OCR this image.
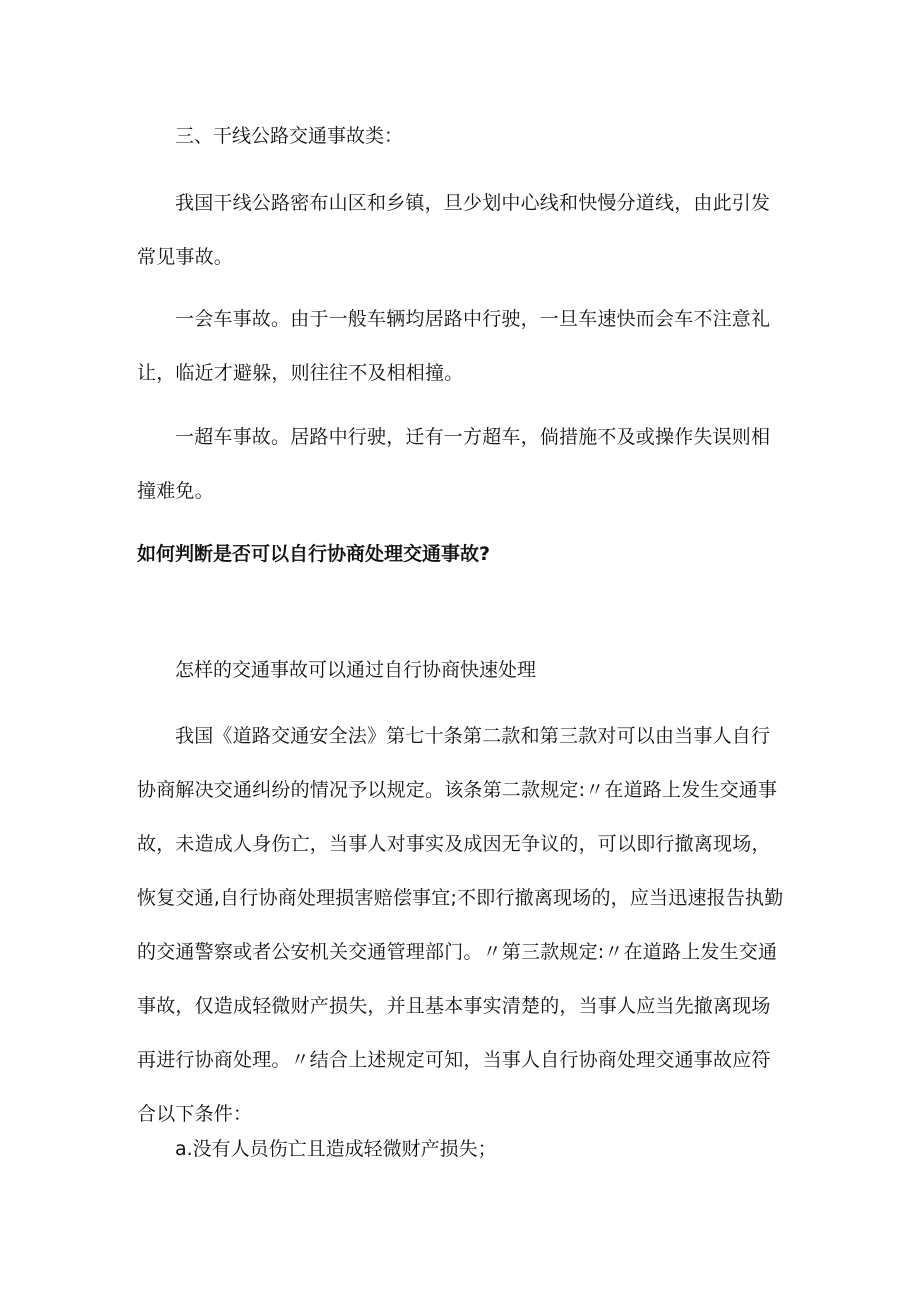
三、干线公路交通事故类：
我国干线公路密布山区和乡镇，旦少划中心线和快慢分道线，由此引发常见事故。
一会车事故。由于一般车辆均居路中行驶，一旦车速快而会车不注意礼让，临近才避躲，则往往不及相相撞。
一超车事故。居路中行驶，迁有一方超车，倘措施不及或操作失误则相撞难免。
如何判断是否可以自行协商处理交通事故?
怎样的交通事故可以通过自行协商快速处理
我国《道路交通安全法》第七十条第二款和第三款对可以由当事人自行协商解决交通纠纷的情况予以规定。该条第二款规定:〃在道路上发生交通事故，未造成人身伤亡，当事人对事实及成因无争议的，可以即行撤离现场，恢复交通,自行协商处理损害赔偿事宜;不即行撤离现场的，应当迅速报告执勤的交通警察或者公安机关交通管理部门。〃第三款规定:〃在道路上发生交通事故，仅造成轻微财产损失，并且基本事实清楚的，当事人应当先撤离现场再进行协商处理。〃结合上述规定可知，当事人自行协商处理交通事故应符合以下条件：
a.没有人员伤亡且造成轻微财产损失；
